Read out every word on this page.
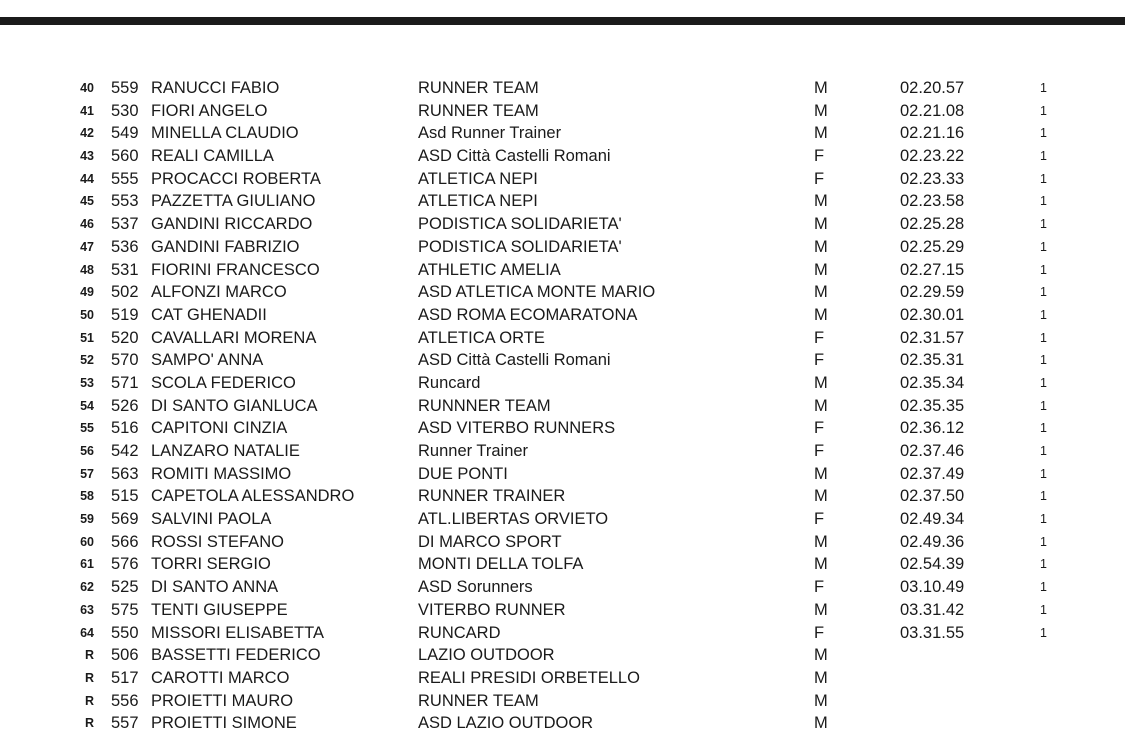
40 559 RANUCCI FABIO	RUNNER TEAM	M	02.20.57	1
41 530 FIORI ANGELO	RUNNER TEAM	M	02.21.08	1
42 549 MINELLA CLAUDIO	Asd Runner Trainer	M	02.21.16	1
43 560 REALI CAMILLA	ASD Città Castelli Romani	F	02.23.22	1
44 555 PROCACCI ROBERTA	ATLETICA NEPI	F	02.23.33	1
45 553 PAZZETTA GIULIANO	ATLETICA NEPI	M	02.23.58	1
46 537 GANDINI RICCARDO	PODISTICA SOLIDARIETA'	M	02.25.28	1
47 536 GANDINI FABRIZIO	PODISTICA SOLIDARIETA'	M	02.25.29	1
48 531 FIORINI FRANCESCO	ATHLETIC AMELIA	M	02.27.15	1
49 502 ALFONZI MARCO	ASD ATLETICA MONTE MARIO	M	02.29.59	1
50 519 CAT GHENADII	ASD ROMA ECOMARATONA	M	02.30.01	1
51 520 CAVALLARI MORENA	ATLETICA ORTE	F	02.31.57	1
52 570 SAMPO' ANNA	ASD Città Castelli Romani	F	02.35.31	1
53 571 SCOLA FEDERICO	Runcard	M	02.35.34	1
54 526 DI SANTO GIANLUCA	RUNNNER TEAM	M	02.35.35	1
55 516 CAPITONI CINZIA	ASD VITERBO RUNNERS	F	02.36.12	1
56 542 LANZARO NATALIE	Runner Trainer	F	02.37.46	1
57 563 ROMITI MASSIMO	DUE PONTI	M	02.37.49	1
58 515 CAPETOLA ALESSANDRO	RUNNER TRAINER	M	02.37.50	1
59 569 SALVINI PAOLA	ATL.LIBERTAS ORVIETO	F	02.49.34	1
60 566 ROSSI STEFANO	DI MARCO SPORT	M	02.49.36	1
61 576 TORRI SERGIO	MONTI DELLA TOLFA	M	02.54.39	1
62 525 DI SANTO ANNA	ASD Sorunners	F	03.10.49	1
63 575 TENTI GIUSEPPE	VITERBO RUNNER	M	03.31.42	1
64 550 MISSORI ELISABETTA	RUNCARD	F	03.31.55	1
R 506 BASSETTI FEDERICO	LAZIO OUTDOOR	M
R 517 CAROTTI MARCO	REALI PRESIDI ORBETELLO	M
R 556 PROIETTI MAURO	RUNNER TEAM	M
R 557 PROIETTI SIMONE	ASD LAZIO OUTDOOR	M
